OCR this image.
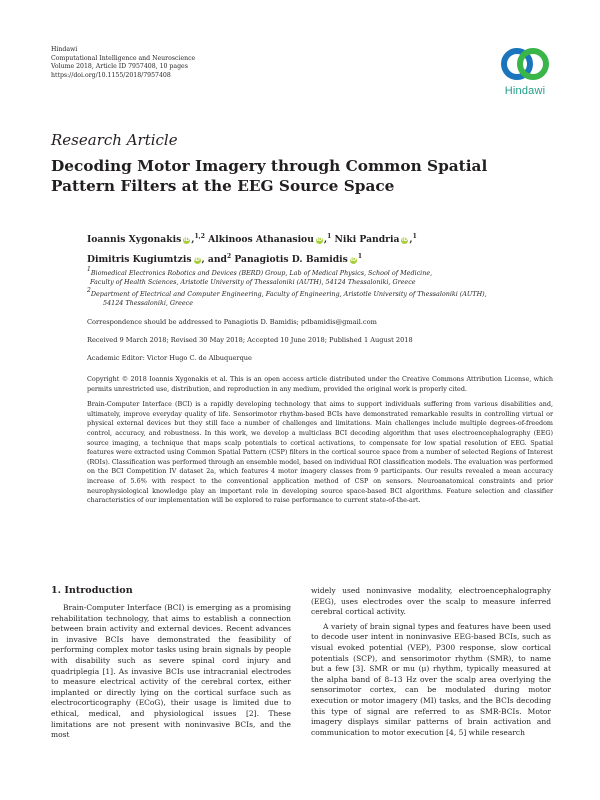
Hindawi
Computational Intelligence and Neuroscience
Volume 2018, Article ID 7957408, 10 pages
https://doi.org/10.1155/2018/7957408
Hindawi
Research Article
Decoding Motor Imagery through Common Spatial Pattern Filters at the EEG Source Space
Ioannis Xygonakis iD ,$^{1,2}$ Alkinoos Athanasiou iD ,$^1$ Niki Pandria iD ,$^1$
Dimitris Kugiumtzis iD , and$^2$ Panagiotis D. Bamidis iD $^1$
1Biomedical Electronics Robotics and Devices (BERD) Group, Lab of Medical Physics, School of Medicine,
Faculty of Health Sciences, Aristotle University of Thessaloniki (AUTH), 54124 Thessaloniki, Greece
2Department of Electrical and Computer Engineering, Faculty of Engineering, Aristotle University of Thessaloniki (AUTH),
54124 Thessaloniki, Greece
Correspondence should be addressed to Panagiotis D. Bamidis; pdbamidis@gmail.com
Received 9 March 2018; Revised 30 May 2018; Accepted 10 June 2018; Published 1 August 2018
Academic Editor: Victor Hugo C. de Albuquerque

Copyright © 2018 Ioannis Xygonakis et al. This is an open access article distributed under the Creative Commons Attribution License, which permits unrestricted use, distribution, and reproduction in any medium, provided the original work is properly cited.

Brain-Computer Interface (BCI) is a rapidly developing technology that aims to support individuals suffering from various disabilities and, ultimately, improve everyday quality of life. Sensorimotor rhythm-based BCIs have demonstrated remarkable results in controlling virtual or physical external devices but they still face a number of challenges and limitations. Main challenges include multiple degrees-of-freedom control, accuracy, and robustness. In this work, we develop a multiclass BCI decoding algorithm that uses electroencephalography (EEG) source imaging, a technique that maps scalp potentials to cortical activations, to compensate for low spatial resolution of EEG. Spatial features were extracted using Common Spatial Pattern (CSP) filters in the cortical source space from a number of selected Regions of Interest (ROIs). Classification was performed through an ensemble model, based on individual ROI classification models. The evaluation was performed on the BCI Competition IV dataset 2a, which features 4 motor imagery classes from 9 participants. Our results revealed a mean accuracy increase of 5.6% with respect to the conventional application method of CSP on sensors. Neuroanatomical constraints and prior neurophysiological knowledge play an important role in developing source space-based BCI algorithms. Feature selection and classifier characteristics of our implementation will be explored to raise performance to current state-of-the-art.

1. Introduction

Brain-Computer Interface (BCI) is emerging as a promising rehabilitation technology, that aims to establish a connection between brain activity and external devices. Recent advances in invasive BCIs have demonstrated the feasibility of performing complex motor tasks using brain signals by people with disability such as severe spinal cord injury and quadriplegia [1]. As invasive BCIs use intracranial electrodes to measure electrical activity of the cerebral cortex, either implanted or directly lying on the cortical surface such as electrocorticography (ECoG), their usage is limited due to ethical, medical, and physiological issues [2]. These limitations are not present with noninvasive BCIs, and the most

widely used noninvasive modality, electroencephalography (EEG), uses electrodes over the scalp to measure inferred cerebral cortical activity.

A variety of brain signal types and features have been used to decode user intent in noninvasive EEG-based BCIs, such as visual evoked potential (VEP), P300 response, slow cortical potentials (SCP), and sensorimotor rhythm (SMR), to name but a few [3]. SMR or mu (μ) rhythm, typically measured at the alpha band of 8–13 Hz over the scalp area overlying the sensorimotor cortex, can be modulated during motor execution or motor imagery (MI) tasks, and the BCIs decoding this type of signal are referred to as SMR-BCIs. Motor imagery displays similar patterns of brain activation and communication to motor execution [4, 5] while research
